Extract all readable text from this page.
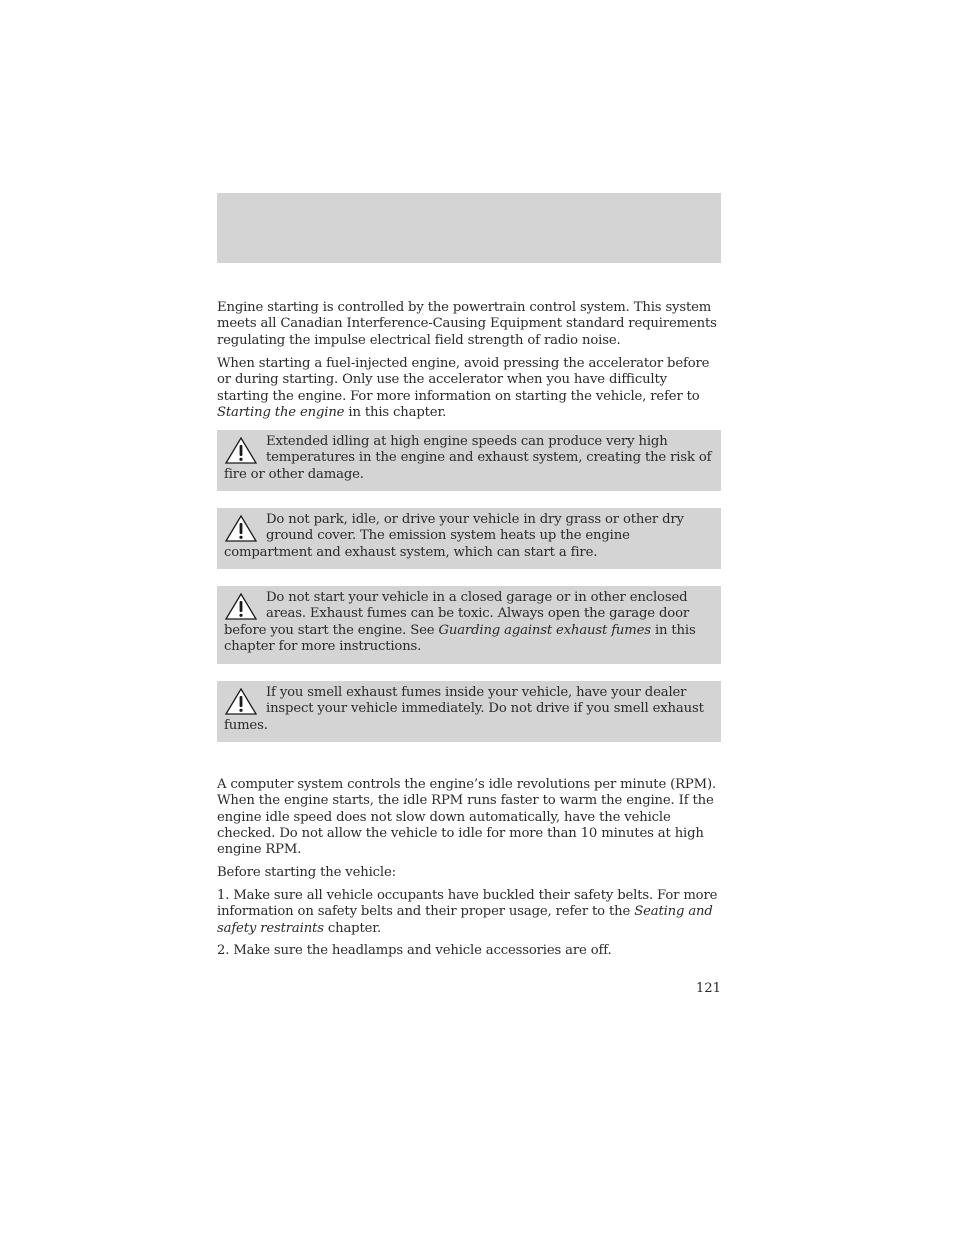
Engine starting is controlled by the powertrain control system. This system meets all Canadian Interference-Causing Equipment standard requirements regulating the impulse electrical field strength of radio noise.

When starting a fuel-injected engine, avoid pressing the accelerator before or during starting. Only use the accelerator when you have difficulty starting the engine. For more information on starting the vehicle, refer to Starting the engine in this chapter.

Extended idling at high engine speeds can produce very high temperatures in the engine and exhaust system, creating the risk of fire or other damage.
Do not park, idle, or drive your vehicle in dry grass or other dry ground cover. The emission system heats up the engine compartment and exhaust system, which can start a fire.
Do not start your vehicle in a closed garage or in other enclosed areas. Exhaust fumes can be toxic. Always open the garage door before you start the engine. See Guarding against exhaust fumes in this chapter for more instructions.
If you smell exhaust fumes inside your vehicle, have your dealer inspect your vehicle immediately. Do not drive if you smell exhaust fumes.

A computer system controls the engine’s idle revolutions per minute (RPM). When the engine starts, the idle RPM runs faster to warm the engine. If the engine idle speed does not slow down automatically, have the vehicle checked. Do not allow the vehicle to idle for more than 10 minutes at high engine RPM.

Before starting the vehicle:

1. Make sure all vehicle occupants have buckled their safety belts. For more information on safety belts and their proper usage, refer to the Seating and safety restraints chapter.

2. Make sure the headlamps and vehicle accessories are off.

121
